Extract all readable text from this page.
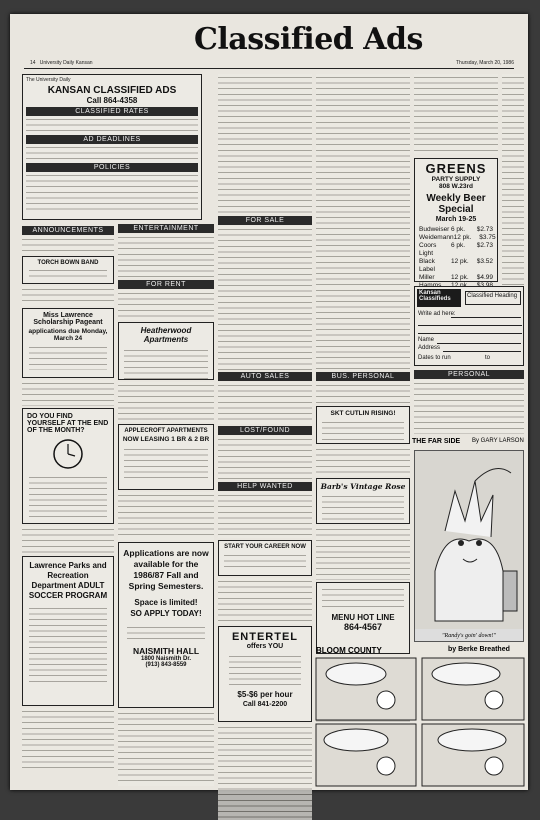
Classified Ads
14 University Daily Kansan	Thursday, March 20, 1986
The University Daily
KANSAN CLASSIFIED ADS
Call 864-4358
CLASSIFIED RATES
AD DEADLINES
POLICIES
ANNOUNCEMENTS
TORCH BOWN BAND
Miss Lawrence Scholarship Pageant
applications due Monday, March 24
DO YOU FIND YOURSELF AT THE END OF THE MONTH?
Lawrence Parks and Recreation Department ADULT SOCCER PROGRAM
ENTERTAINMENT
FOR RENT
Heatherwood Apartments
APPLECROFT APARTMENTS
NOW LEASING 1 BR & 2 BR
Applications are now available for the 1986/87 Fall and Spring Semesters.
Space is limited!
SO APPLY TODAY!
NAISMITH HALL
1800 Naismith Dr.
(913) 843-8559
FOR SALE
AUTO SALES
LOST/FOUND
HELP WANTED
START YOUR CAREER NOW
ENTERTEL
offers YOU
$5-$6 per hour
Call 841-2200
BUS. PERSONAL
SKT CUTLIN RISING!
Barb's Vintage Rose
MENU HOT LINE
864-4567
GREENS
PARTY SUPPLY
808 W.23rd
Weekly Beer Special
March 19-25
Budweiser 6 pk.	$2.73
Weidemann 12 pk.	$3.75
Coors Light
6 pk.	$2.73
Black Label
12 pk.	$3.52
Miller	12 pk.	$4.99
Kansan Classifieds	Classified Heading
Write ad here:
Name
Address
Dates to run	to
THE FAR SIDE By GARY LARSON
"Randy's goin' down!"
BLOOM COUNTY	by Berke Breathed
PERSONAL
